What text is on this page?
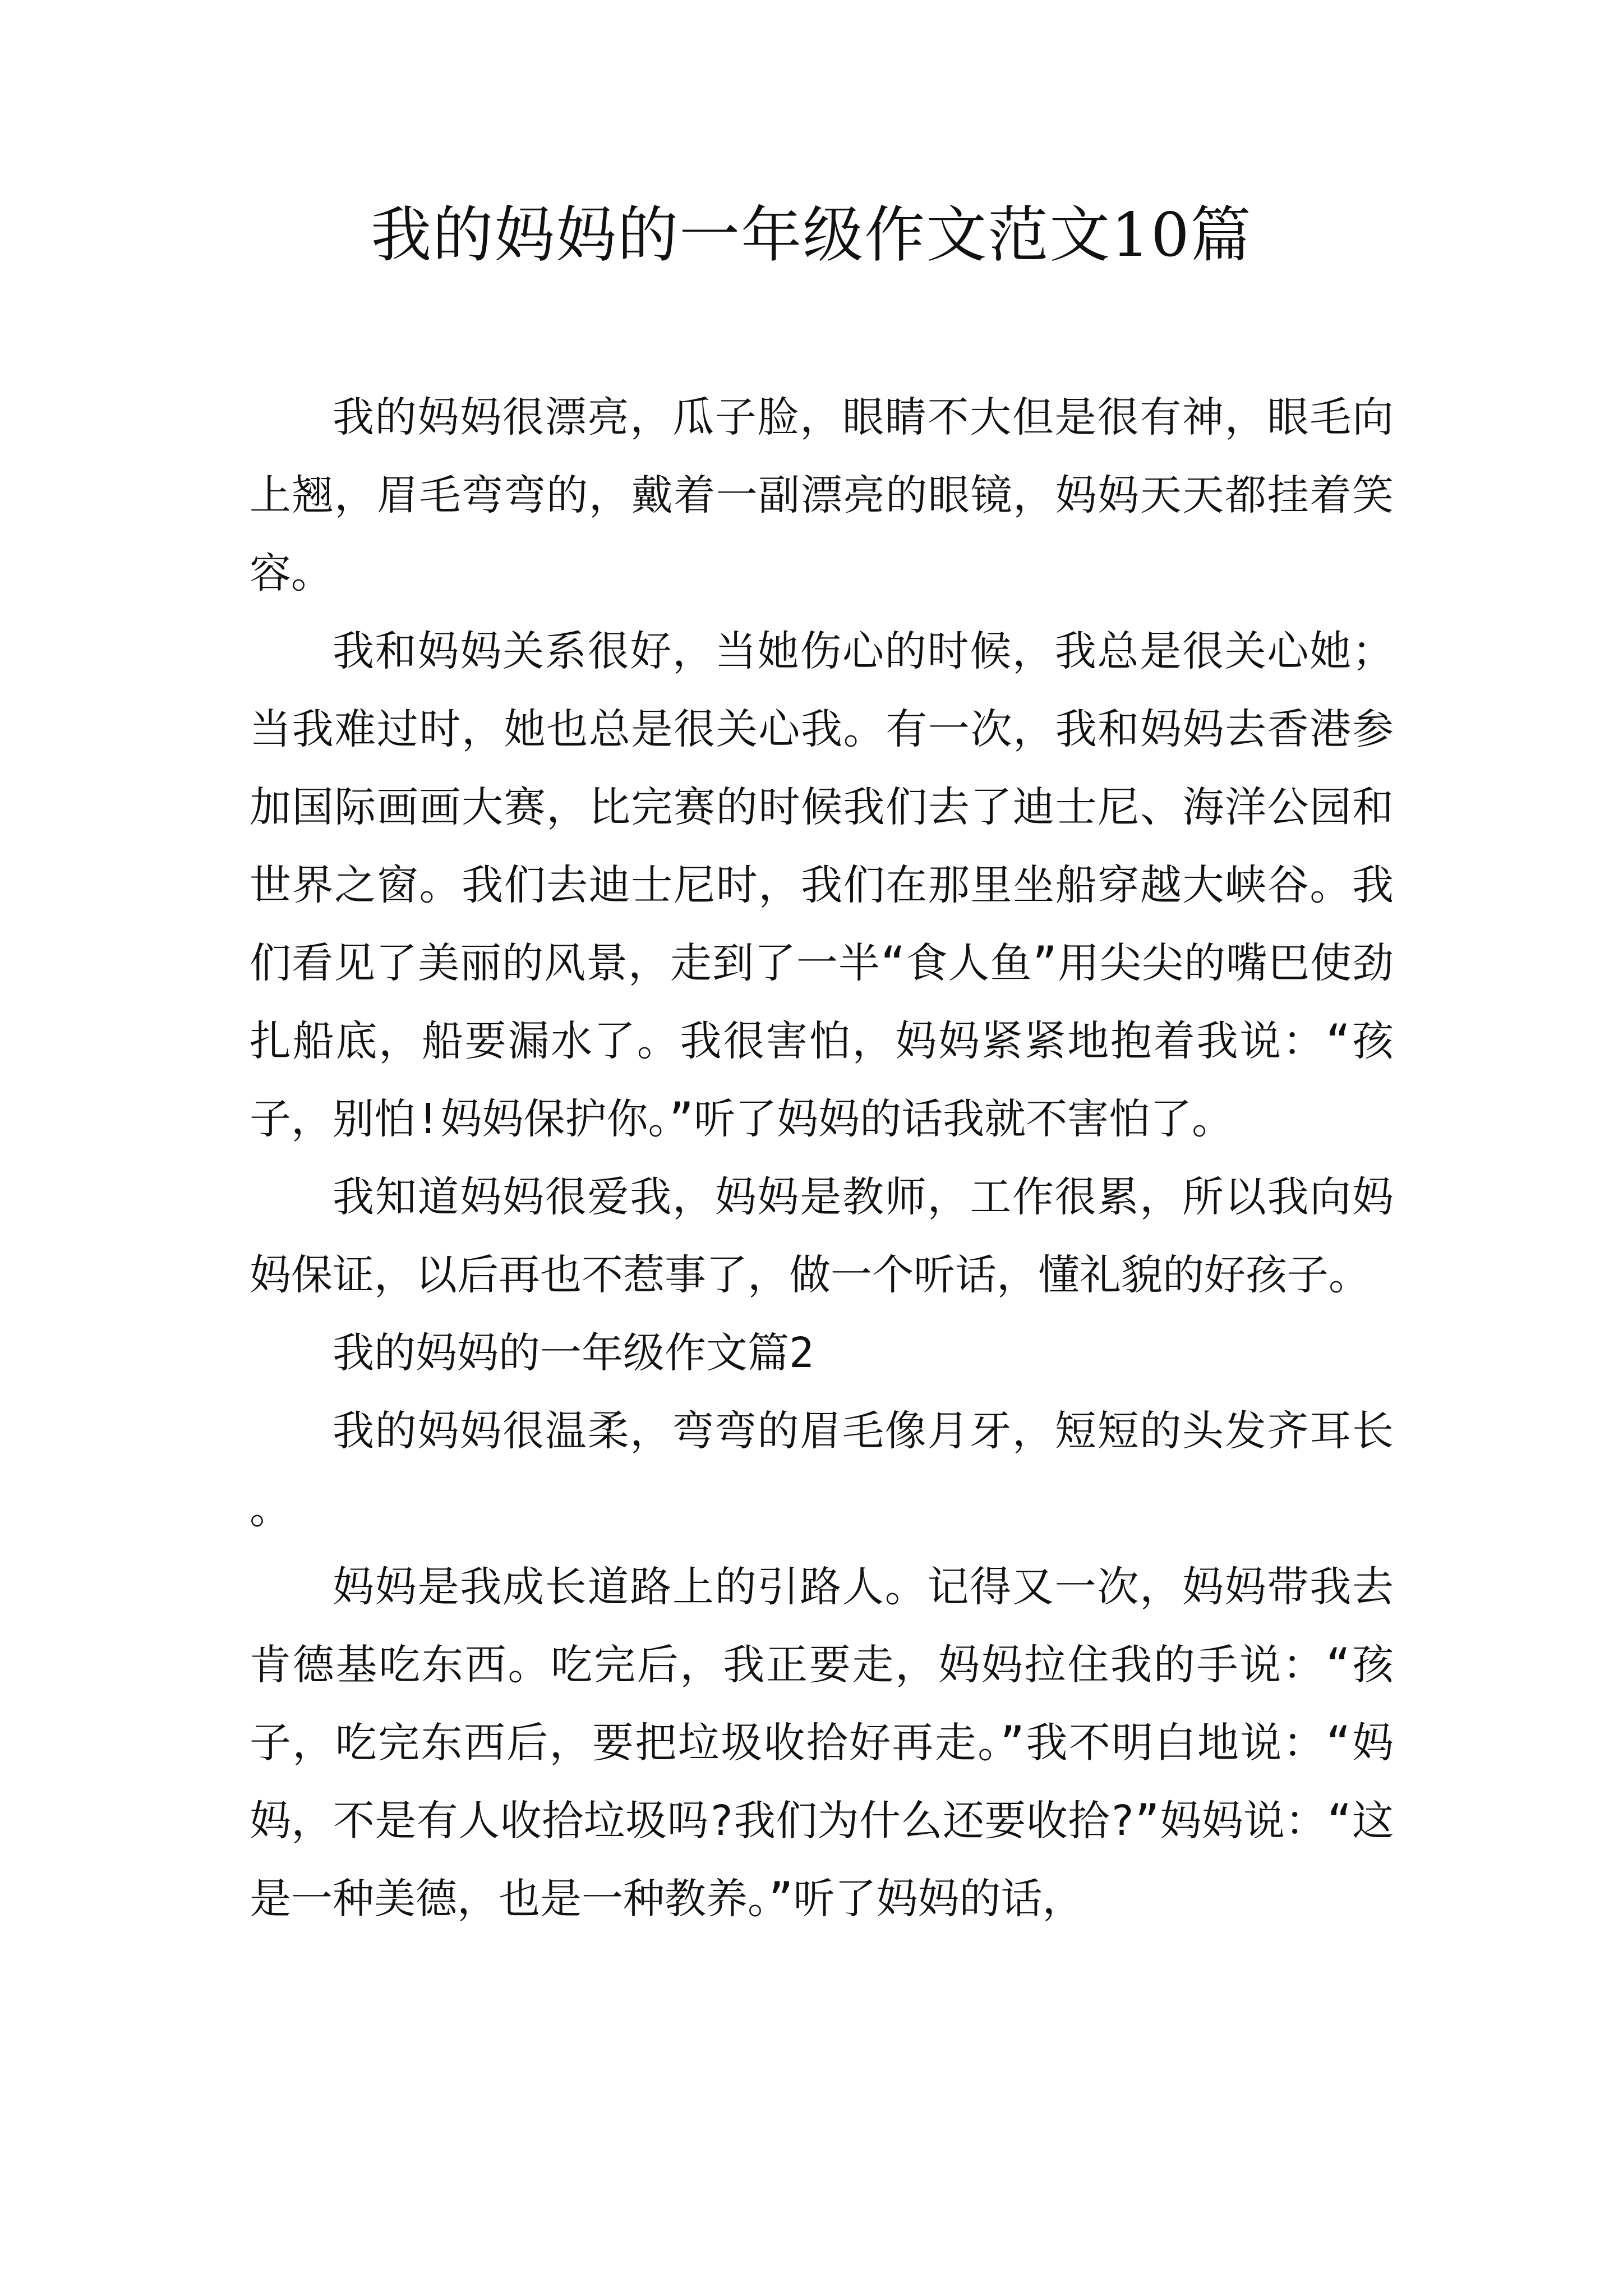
我的妈妈的一年级作文范文10篇

我的妈妈很漂亮，瓜子脸，眼睛不大但是很有神，眼毛向上翘，眉毛弯弯的，戴着一副漂亮的眼镜，妈妈天天都挂着笑容。

我和妈妈关系很好，当她伤心的时候，我总是很关心她；当我难过时，她也总是很关心我。有一次，我和妈妈去香港参加国际画画大赛，比完赛的时候我们去了迪士尼、海洋公园和世界之窗。我们去迪士尼时，我们在那里坐船穿越大峡谷。我们看见了美丽的风景，走到了一半“食人鱼”用尖尖的嘴巴使劲扎船底，船要漏水了。我很害怕，妈妈紧紧地抱着我说：“孩子，别怕!妈妈保护你。”听了妈妈的话我就不害怕了。

我知道妈妈很爱我，妈妈是教师，工作很累，所以我向妈妈保证，以后再也不惹事了，做一个听话，懂礼貌的好孩子。

我的妈妈的一年级作文篇2

我的妈妈很温柔，弯弯的眉毛像月牙，短短的头发齐耳长。

妈妈是我成长道路上的引路人。记得又一次，妈妈带我去肯德基吃东西。吃完后，我正要走，妈妈拉住我的手说：“孩子，吃完东西后，要把垃圾收拾好再走。”我不明白地说：“妈妈，不是有人收拾垃圾吗?我们为什么还要收拾?”妈妈说：“这是一种美德，也是一种教养。”听了妈妈的话，
